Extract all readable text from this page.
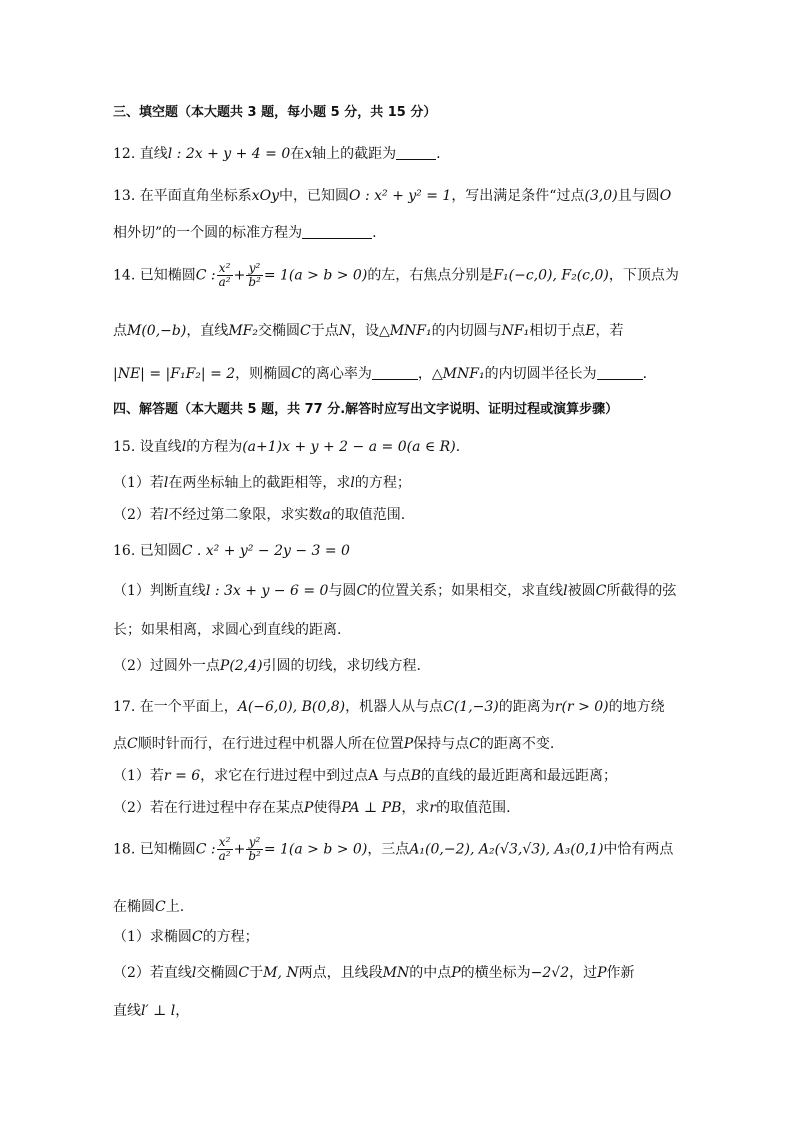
三、填空题（本大题共 3 题，每小题 5 分，共 15 分）
12. 直线l : 2x + y + 4 = 0在x轴上的截距为	.
13. 在平面直角坐标系xOy中，已知圆O : x² + y² = 1，写出满足条件“过点(3,0)且与圆O
相外切”的一个圆的标准方程为	.
14. 已知椭圆C : $\frac{\text{x²}}{\text{a²}} + \frac{\text{y²}}{\text{b²}} = 1(a > b > 0)$的左，右焦点分别是F₁(−c,0), F₂(c,0)，下顶点为
点M(0,−b)，直线MF₂交椭圆C于点N，设△MNF₁的内切圆与NF₁相切于点E，若
|NE| = |F₁F₂| = 2，则椭圆C的离心率为	，△MNF₁的内切圆半径长为	.
四、解答题（本大题共 5 题，共 77 分.解答时应写出文字说明、证明过程或演算步骤）
15. 设直线l的方程为(a+1)x + y + 2 − a = 0(a ∈ R).
（1）若l在两坐标轴上的截距相等，求l的方程；
（2）若l不经过第二象限，求实数a的取值范围.
16. 已知圆C . x² + y² − 2y − 3 = 0
（1）判断直线l : 3x + y − 6 = 0与圆C的位置关系；如果相交，求直线l被圆C所截得的弦
长；如果相离，求圆心到直线的距离.
（2）过圆外一点P(2,4)引圆的切线，求切线方程.
17. 在一个平面上，A(−6,0), B(0,8)，机器人从与点C(1,−3)的距离为r(r > 0)的地方绕
点C顺时针而行，在行进过程中机器人所在位置P保持与点C的距离不变.
（1）若r = 6，求它在行进过程中到过点A 与点B的直线的最近距离和最远距离；
（2）若在行进过程中存在某点P使得PA ⊥ PB，求r的取值范围.
18. 已知椭圆C : $\frac{\text{x²}}{\text{a²}} + \frac{\text{y²}}{\text{b²}} = 1(a > b > 0)$，三点A₁(0,−2), A₂(√3,√3), A₃(0,1)中恰有两点
在椭圆C上.
（1）求椭圆C的方程；
（2）若直线l交椭圆C于M, N两点，且线段MN的中点P的横坐标为−2√2，过P作新
直线l′ ⊥ l，
